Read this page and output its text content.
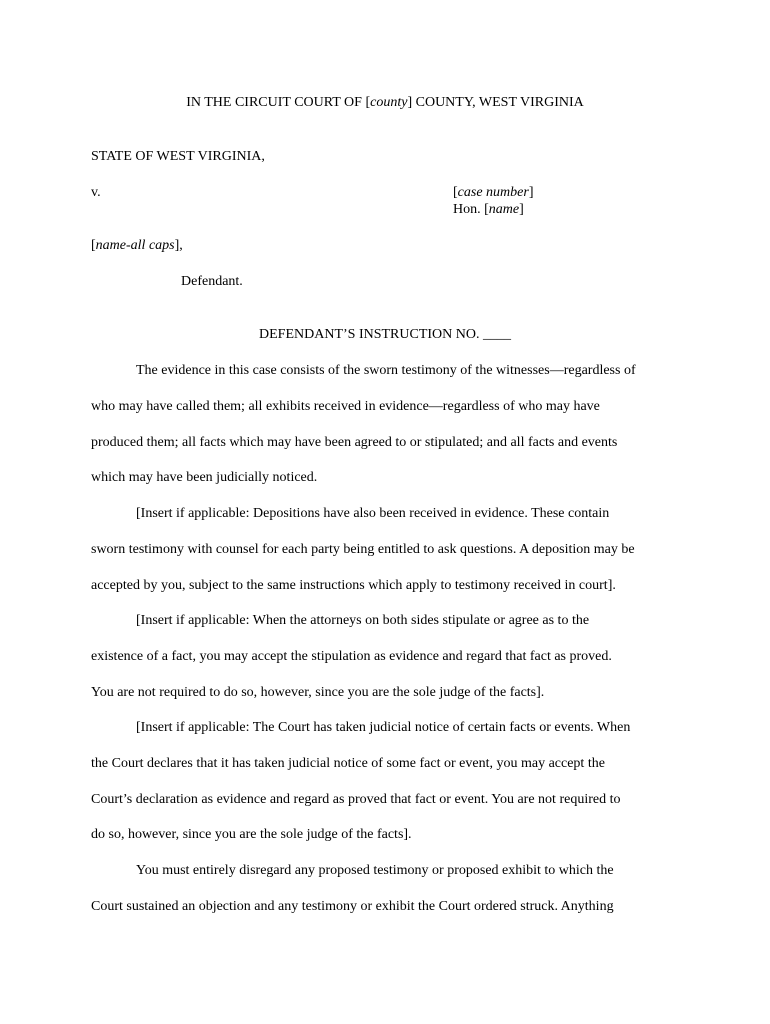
IN THE CIRCUIT COURT OF [county] COUNTY, WEST VIRGINIA
STATE OF WEST VIRGINIA,
v.	[case number]
Hon. [name]
[name-all caps],
Defendant.
DEFENDANT’S INSTRUCTION NO. ____
The evidence in this case consists of the sworn testimony of the witnesses—regardless of
who may have called them; all exhibits received in evidence—regardless of who may have
produced them; all facts which may have been agreed to or stipulated; and all facts and events
which may have been judicially noticed.
[Insert if applicable: Depositions have also been received in evidence. These contain
sworn testimony with counsel for each party being entitled to ask questions. A deposition may be
accepted by you, subject to the same instructions which apply to testimony received in court].
[Insert if applicable: When the attorneys on both sides stipulate or agree as to the
existence of a fact, you may accept the stipulation as evidence and regard that fact as proved.
You are not required to do so, however, since you are the sole judge of the facts].
[Insert if applicable: The Court has taken judicial notice of certain facts or events. When
the Court declares that it has taken judicial notice of some fact or event, you may accept the
Court’s declaration as evidence and regard as proved that fact or event. You are not required to
do so, however, since you are the sole judge of the facts].
You must entirely disregard any proposed testimony or proposed exhibit to which the
Court sustained an objection and any testimony or exhibit the Court ordered struck. Anything
